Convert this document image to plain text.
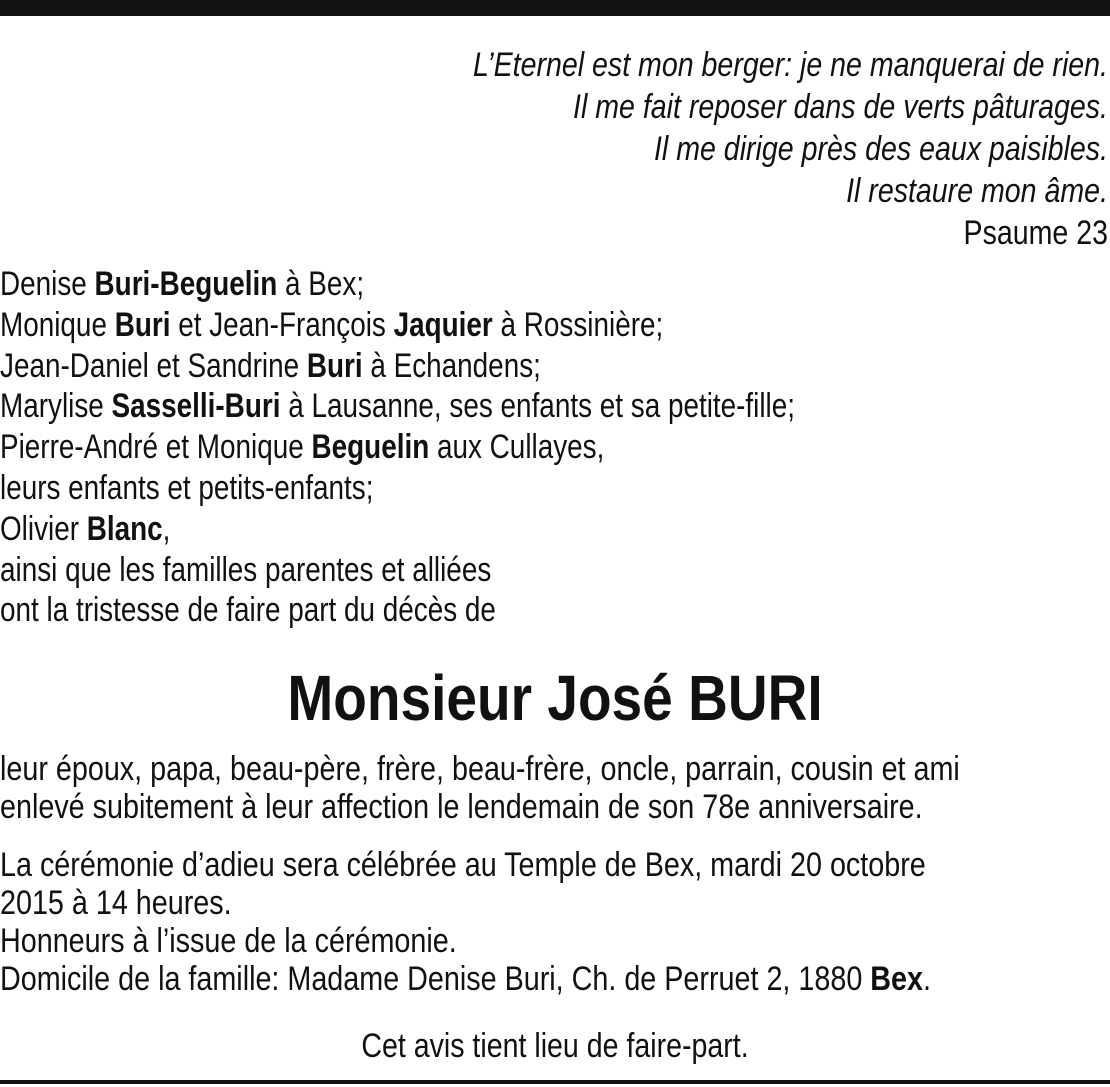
L’Eternel est mon berger: je ne manquerai de rien.
Il me fait reposer dans de verts pâturages.
Il me dirige près des eaux paisibles.
Il restaure mon âme.
Psaume 23
Denise Buri-Beguelin à Bex;
Monique Buri et Jean-François Jaquier à Rossinière;
Jean-Daniel et Sandrine Buri à Echandens;
Marylise Sasselli-Buri à Lausanne, ses enfants et sa petite-fille;
Pierre-André et Monique Beguelin aux Cullayes,
leurs enfants et petits-enfants;
Olivier Blanc,
ainsi que les familles parentes et alliées
ont la tristesse de faire part du décès de
Monsieur José BURI
leur époux, papa, beau-père, frère, beau-frère, oncle, parrain, cousin et ami
enlevé subitement à leur affection le lendemain de son 78e anniversaire.
La cérémonie d’adieu sera célébrée au Temple de Bex, mardi 20 octobre
2015 à 14 heures.
Honneurs à l’issue de la cérémonie.
Domicile de la famille: Madame Denise Buri, Ch. de Perruet 2, 1880 Bex.
Cet avis tient lieu de faire-part.
